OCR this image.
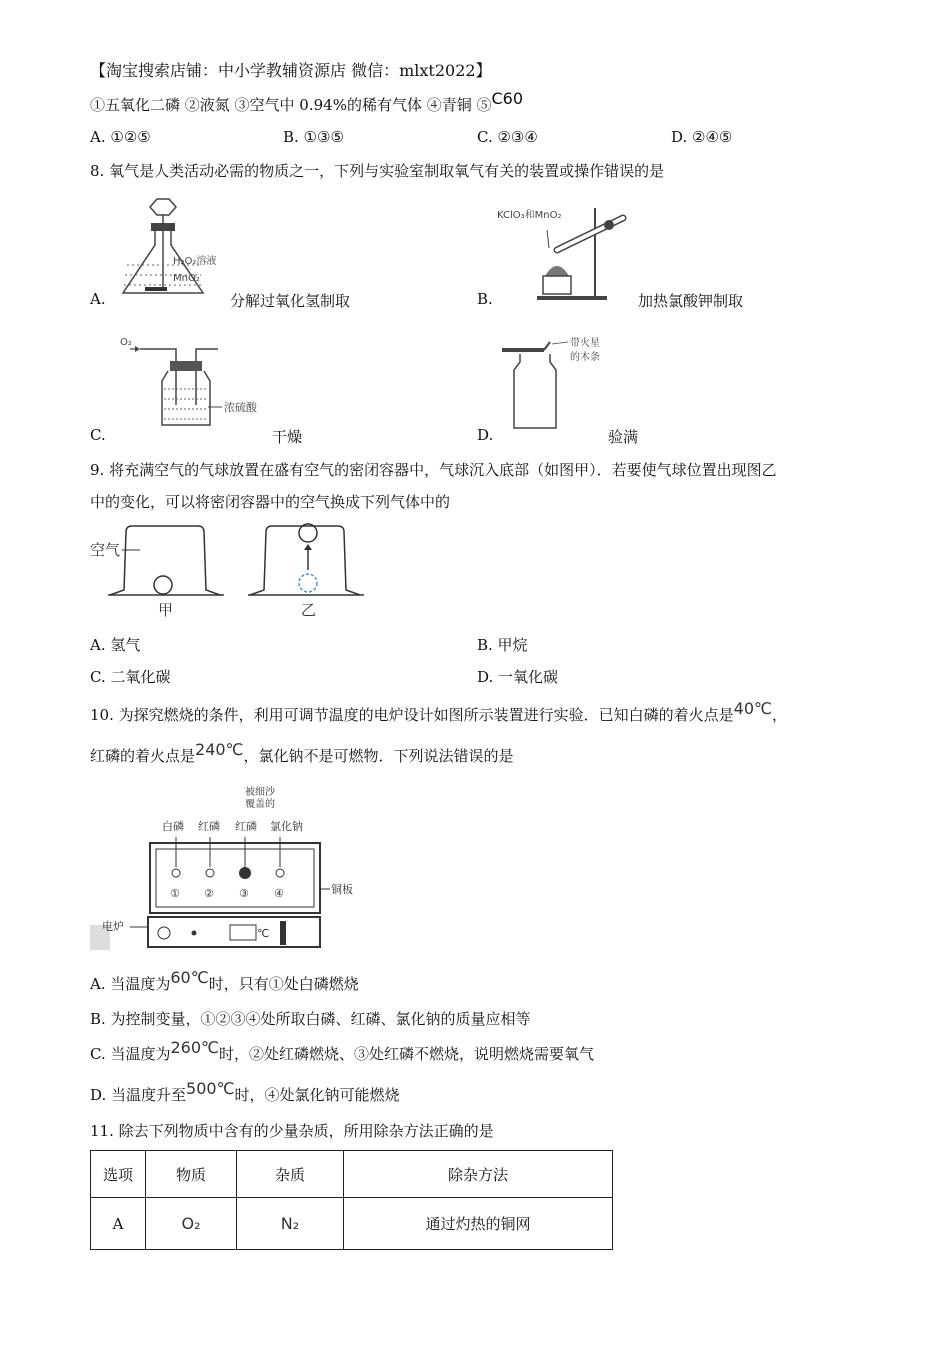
【淘宝搜索店铺：中小学教辅资源店 微信：mlxt2022】
①五氧化二磷 ②液氮 ③空气中 0.94%的稀有气体 ④青铜 ⑤C60
A. ①②⑤	B. ①③⑤	C. ②③④	D. ②④⑤
8. 氧气是人类活动必需的物质之一，下列与实验室制取氧气有关的装置或操作错误的是
H₂O₂溶液
MnO₂
A.	分解过氧化氢制取
KClO₃和MnO₂
B.	加热氯酸钾制取
O₂
浓硫酸
C.	干燥
带火星
的木条
D.	验满
9. 将充满空气的气球放置在盛有空气的密闭容器中，气球沉入底部（如图甲）．若要使气球位置出现图乙
中的变化，可以将密闭容器中的空气换成下列气体中的
空气
甲	乙
A. 氢气	B. 甲烷
C. 二氧化碳	D. 一氧化碳
10. 为探究燃烧的条件，利用可调节温度的电炉设计如图所示装置进行实验．已知白磷的着火点是40℃，
红磷的着火点是240℃，氯化钠不是可燃物．下列说法错误的是
被细沙
覆盖的
白磷 红磷 红磷 氯化钠
① ② ③ ④	铜板
电炉
℃
A. 当温度为60℃时，只有①处白磷燃烧
B. 为控制变量，①②③④处所取白磷、红磷、氯化钠的质量应相等
C. 当温度为260℃时，②处红磷燃烧、③处红磷不燃烧，说明燃烧需要氧气
D. 当温度升至500℃时，④处氯化钠可能燃烧
11. 除去下列物质中含有的少量杂质，所用除杂方法正确的是
选项	物质	杂质	除杂方法
A	O₂	N₂	通过灼热的铜网
